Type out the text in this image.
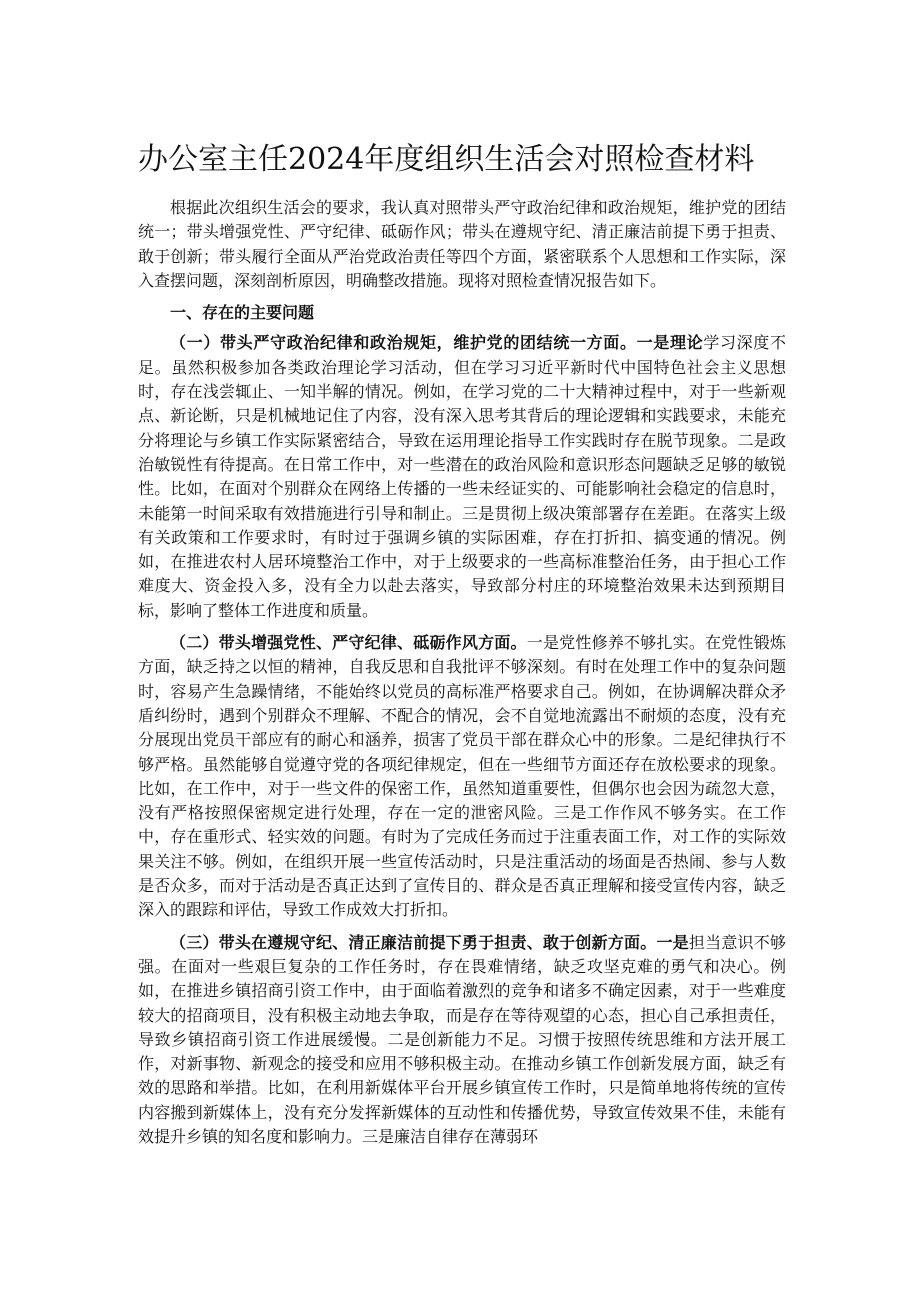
办公室主任2024年度组织生活会对照检查材料

根据此次组织生活会的要求，我认真对照带头严守政治纪律和政治规矩，维护党的团结统一；带头增强党性、严守纪律、砥砺作风；带头在遵规守纪、清正廉洁前提下勇于担责、敢于创新；带头履行全面从严治党政治责任等四个方面，紧密联系个人思想和工作实际，深入查摆问题，深刻剖析原因，明确整改措施。现将对照检查情况报告如下。

一、存在的主要问题

（一）带头严守政治纪律和政治规矩，维护党的团结统一方面。一是理论学习深度不足。虽然积极参加各类政治理论学习活动，但在学习习近平新时代中国特色社会主义思想时，存在浅尝辄止、一知半解的情况。例如，在学习党的二十大精神过程中，对于一些新观点、新论断，只是机械地记住了内容，没有深入思考其背后的理论逻辑和实践要求，未能充分将理论与乡镇工作实际紧密结合，导致在运用理论指导工作实践时存在脱节现象。二是政治敏锐性有待提高。在日常工作中，对一些潜在的政治风险和意识形态问题缺乏足够的敏锐性。比如，在面对个别群众在网络上传播的一些未经证实的、可能影响社会稳定的信息时，未能第一时间采取有效措施进行引导和制止。三是贯彻上级决策部署存在差距。在落实上级有关政策和工作要求时，有时过于强调乡镇的实际困难，存在打折扣、搞变通的情况。例如，在推进农村人居环境整治工作中，对于上级要求的一些高标准整治任务，由于担心工作难度大、资金投入多，没有全力以赴去落实，导致部分村庄的环境整治效果未达到预期目标，影响了整体工作进度和质量。

（二）带头增强党性、严守纪律、砥砺作风方面。一是党性修养不够扎实。在党性锻炼方面，缺乏持之以恒的精神，自我反思和自我批评不够深刻。有时在处理工作中的复杂问题时，容易产生急躁情绪，不能始终以党员的高标准严格要求自己。例如，在协调解决群众矛盾纠纷时，遇到个别群众不理解、不配合的情况，会不自觉地流露出不耐烦的态度，没有充分展现出党员干部应有的耐心和涵养，损害了党员干部在群众心中的形象。二是纪律执行不够严格。虽然能够自觉遵守党的各项纪律规定，但在一些细节方面还存在放松要求的现象。比如，在工作中，对于一些文件的保密工作，虽然知道重要性，但偶尔也会因为疏忽大意，没有严格按照保密规定进行处理，存在一定的泄密风险。三是工作作风不够务实。在工作中，存在重形式、轻实效的问题。有时为了完成任务而过于注重表面工作，对工作的实际效果关注不够。例如，在组织开展一些宣传活动时，只是注重活动的场面是否热闹、参与人数是否众多，而对于活动是否真正达到了宣传目的、群众是否真正理解和接受宣传内容，缺乏深入的跟踪和评估，导致工作成效大打折扣。

（三）带头在遵规守纪、清正廉洁前提下勇于担责、敢于创新方面。一是担当意识不够强。在面对一些艰巨复杂的工作任务时，存在畏难情绪，缺乏攻坚克难的勇气和决心。例如，在推进乡镇招商引资工作中，由于面临着激烈的竞争和诸多不确定因素，对于一些难度较大的招商项目，没有积极主动地去争取，而是存在等待观望的心态，担心自己承担责任，导致乡镇招商引资工作进展缓慢。二是创新能力不足。习惯于按照传统思维和方法开展工作，对新事物、新观念的接受和应用不够积极主动。在推动乡镇工作创新发展方面，缺乏有效的思路和举措。比如，在利用新媒体平台开展乡镇宣传工作时，只是简单地将传统的宣传内容搬到新媒体上，没有充分发挥新媒体的互动性和传播优势，导致宣传效果不佳，未能有效提升乡镇的知名度和影响力。三是廉洁自律存在薄弱环
